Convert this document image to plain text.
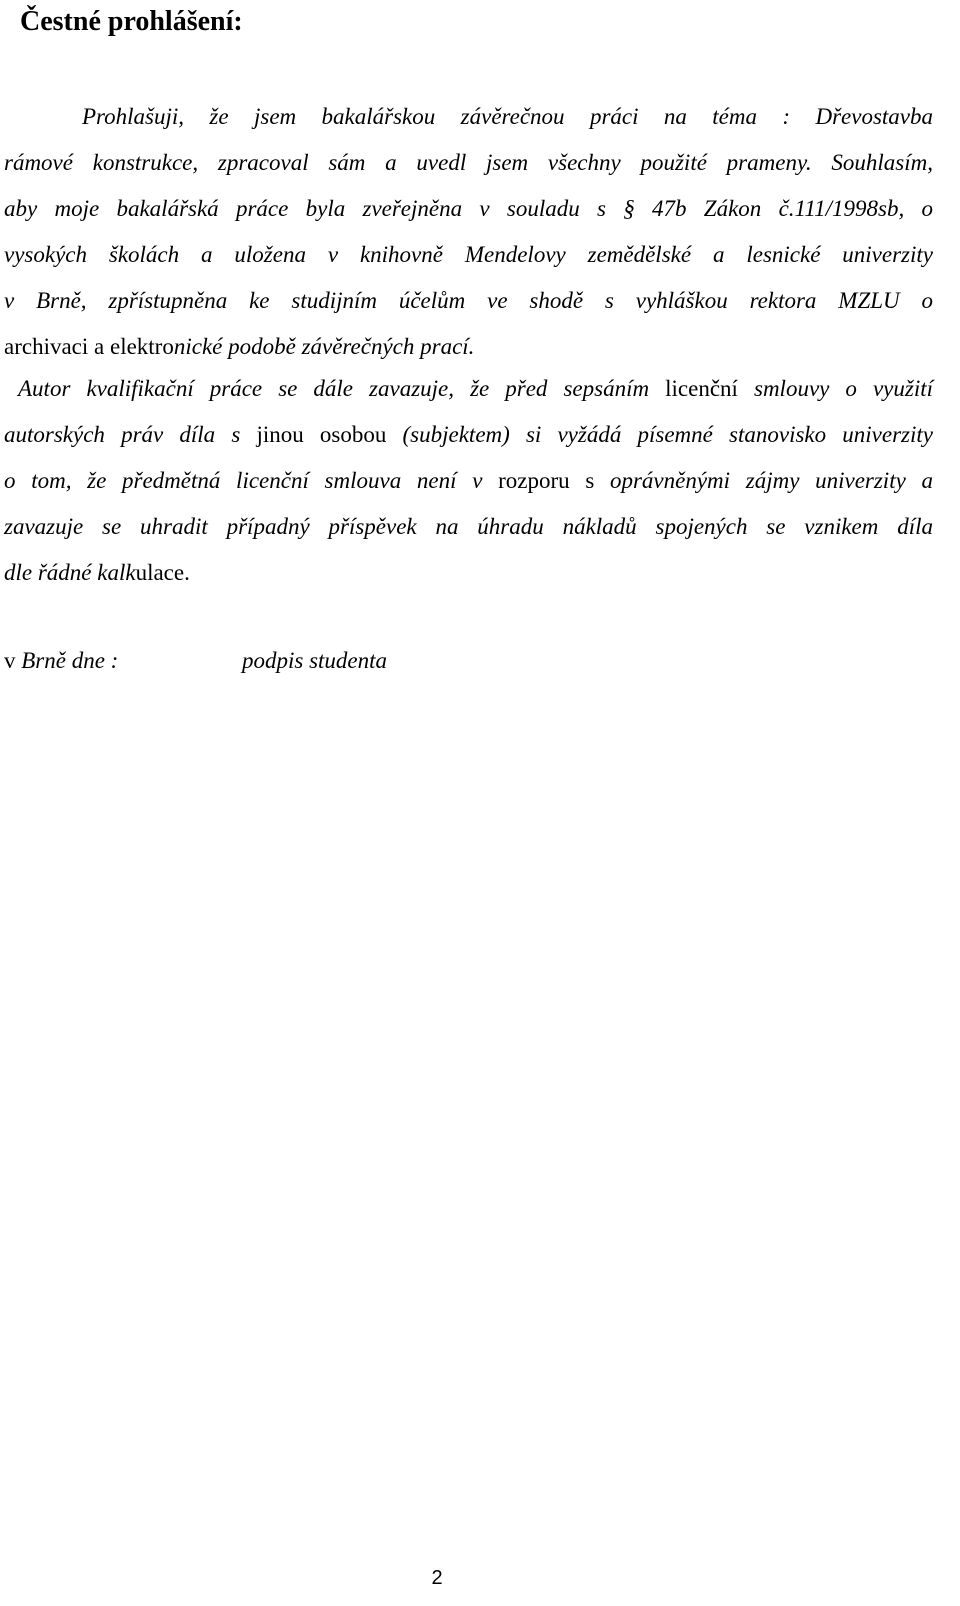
Čestné prohlášení:
Prohlašuji, že jsem bakalářskou závěrečnou práci na téma : Dřevostavba
rámové konstrukce, zpracoval sám a uvedl jsem všechny použité prameny. Souhlasím,
aby moje bakalářská práce byla zveřejněna v souladu s § 47b Zákon č.111/1998sb, o
vysokých školách a uložena v knihovně Mendelovy zemědělské a lesnické univerzity
v Brně, zpřístupněna ke studijním účelům ve shodě s vyhláškou rektora MZLU o
archivaci a elektronické podobě závěrečných prací.
Autor kvalifikační práce se dále zavazuje, že před sepsáním licenční smlouvy o využití
autorských práv díla s jinou osobou (subjektem) si vyžádá písemné stanovisko univerzity
o tom, že předmětná licenční smlouva není v rozporu s oprávněnými zájmy univerzity a
zavazuje se uhradit případný příspěvek na úhradu nákladů spojených se vznikem díla
dle řádné kalkulace.
v Brně dne :	podpis studenta
2
